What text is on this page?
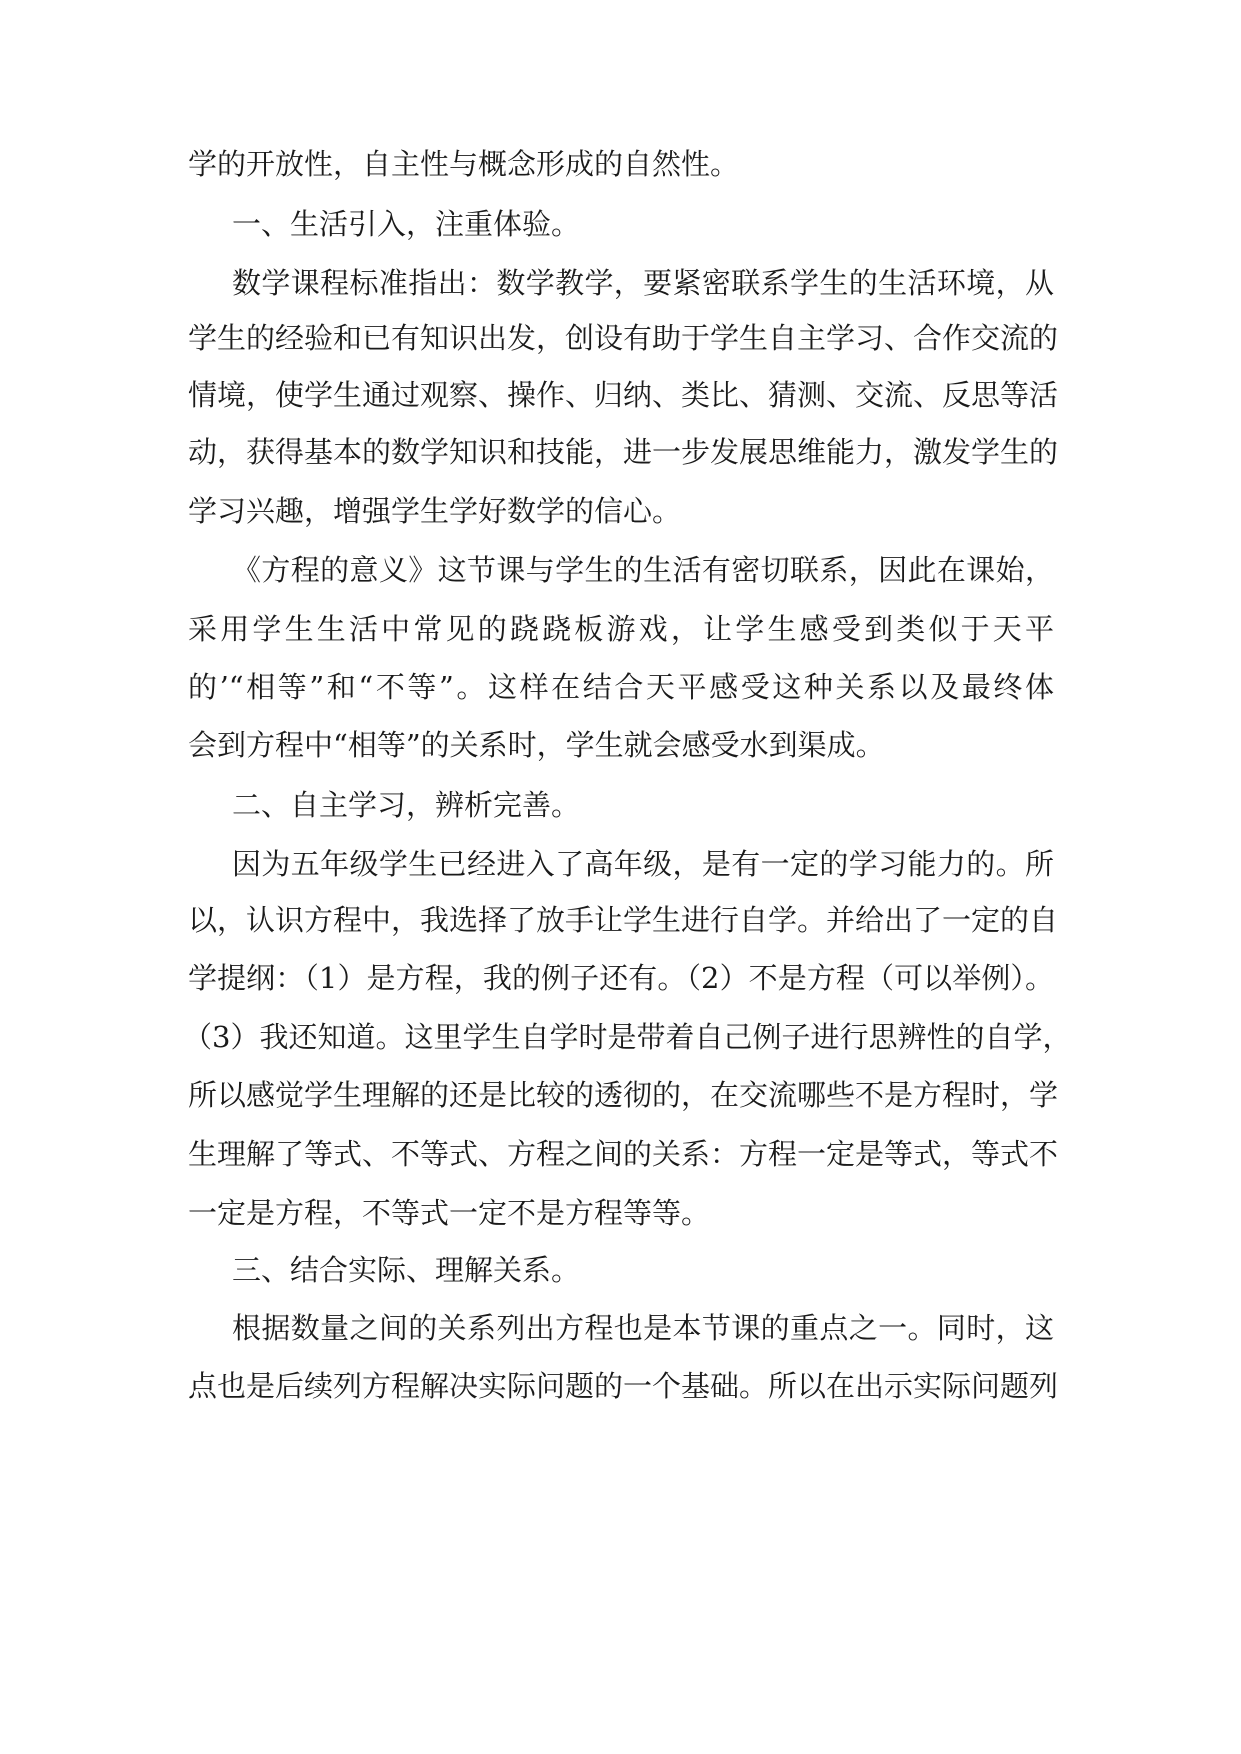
学的开放性，自主性与概念形成的自然性。
一、生活引入，注重体验。
数学课程标准指出：数学教学，要紧密联系学生的生活环境，从
学生的经验和已有知识出发，创设有助于学生自主学习、合作交流的
情境，使学生通过观察、操作、归纳、类比、猜测、交流、反思等活
动，获得基本的数学知识和技能，进一步发展思维能力，激发学生的
学习兴趣，增强学生学好数学的信心。
《方程的意义》这节课与学生的生活有密切联系，因此在课始，
采用学生生活中常见的跷跷板游戏，让学生感受到类似于天平
的’“相等”和“不等”。这样在结合天平感受这种关系以及最终体
会到方程中“相等”的关系时，学生就会感受水到渠成。
二、自主学习，辨析完善。
因为五年级学生已经进入了高年级，是有一定的学习能力的。所
以，认识方程中，我选择了放手让学生进行自学。并给出了一定的自
学提纲：（1）是方程，我的例子还有。（2）不是方程（可以举例）。
（3）我还知道。这里学生自学时是带着自己例子进行思辨性的自学，
所以感觉学生理解的还是比较的透彻的，在交流哪些不是方程时，学
生理解了等式、不等式、方程之间的关系：方程一定是等式，等式不
一定是方程，不等式一定不是方程等等。
三、结合实际、理解关系。
根据数量之间的关系列出方程也是本节课的重点之一。同时，这
点也是后续列方程解决实际问题的一个基础。所以在出示实际问题列
